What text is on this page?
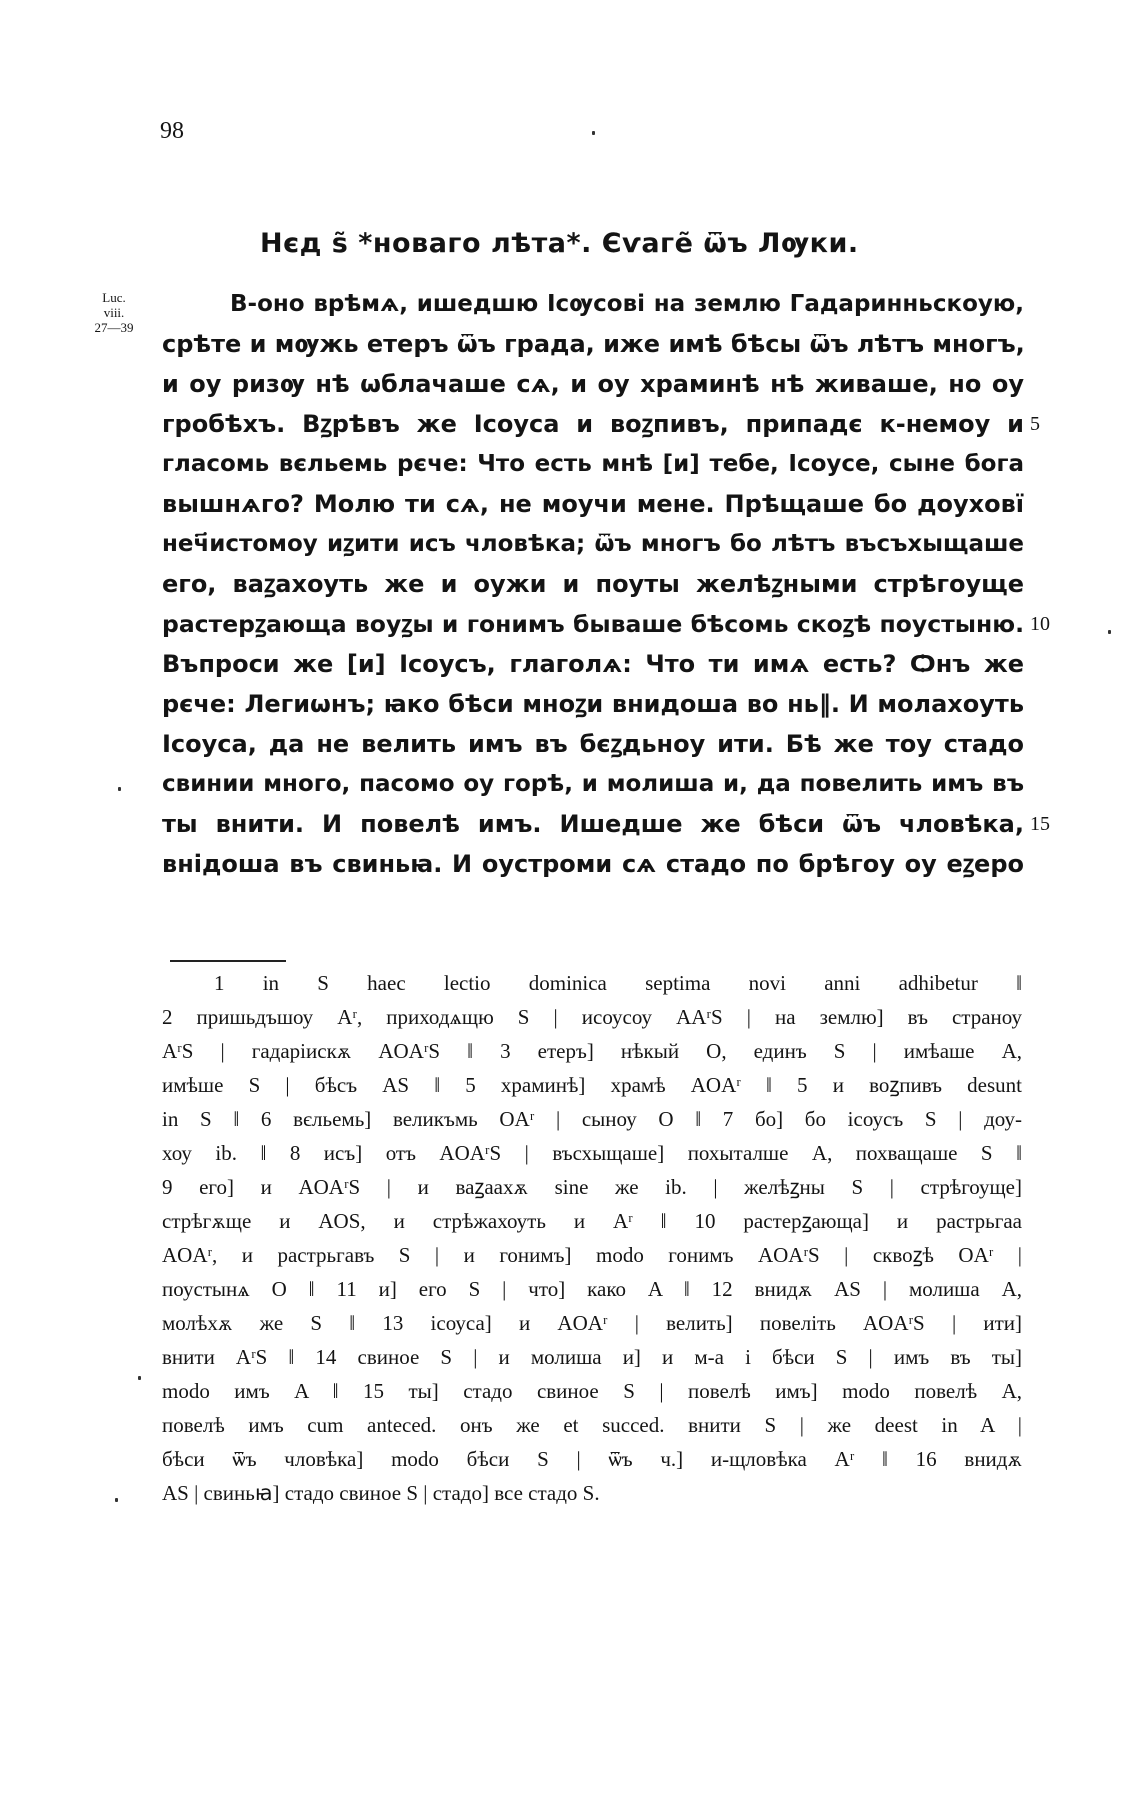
98
Нєд ѕ̃ *новаго лѣта*. Єѵаге̃ ѿъ Лѹки.
Luc.
viii.
27—39
В-оно врѣмѧ, ишедшю Ісѹсові на землю Гадаринньскоую,
срѣте и мѹжь етеръ ѿъ града, иже имѣ бѣсы ѿъ лѣтъ многъ,
и оу ризѹ нѣ ѡблачаше сѧ, и оу храминѣ нѣ живаше, но оу
гробѣхъ. Вꙁрѣвъ же Ісоуса и воꙁпивъ, припадє к-немоу и
гласомь вєльемь рєче: Что есть мнѣ [и] тебе, Ісоусе, сыне бога
вышнѧго? Молю ти сѧ, не моучи мене. Прѣщаше бо доуховї
неч҃истомоу иꙁити исъ чловѣка; ѿъ многъ бо лѣтъ въсъхыщаше
его, ваꙁахоуть же и оужи и поуты желѣꙁными стрѣгоуще
растерꙁающа воуꙁы и гонимъ бываше бѣсомь скоꙁѣ поустыню.
Въпроси же [и] Ісоусъ, глаголѧ: Что ти имѧ есть? Ѻнъ же
рєче: Легиѡнъ; ꙗко бѣси мноꙁи внидоша во нь‖. И молахоуть
Ісоуса, да не велить имъ въ бєꙁдьноу ити. Бѣ же тоу стадо
свинии много, пасомо оу горѣ, и молиша и, да повелить имъ въ
ты внити. И повелѣ имъ. Ишедше же бѣси ѿъ чловѣка,
внідоша въ свиньꙗ. И оустроми сѧ стадо по брѣгоу оу еꙁеро
5
10
15
1 in S haec lectio dominica septima novi anni adhibetur ‖
2 пришьдъшоу Aʳ, приходѧщю S | исоусоу AAʳS | на землю] въ страноу
AʳS | гадаріискѫ AOAʳS ‖ 3 етеръ] нѣкый O, единъ S | имѣаше A,
имѣше S | бѣсъ AS ‖ 5 храминѣ] храмѣ AOAʳ ‖ 5 и воꙁпивъ desunt
in S ‖ 6 вєльемь] великъмь OAʳ | сыноу O ‖ 7 бо] бо ісоусъ S | доу-
хоу ib. ‖ 8 исъ] отъ AOAʳS | въсхыщаше] похыталше A, похващаше S ‖
9 его] и AOAʳS | и ваꙁаахѫ sine же ib. | желѣꙁны S | стрѣгоуще]
стрѣгѫще и AOS, и стрѣжахоуть и Aʳ ‖ 10 растерꙁающа] и растрьгаа
AOAʳ, и растрьгавъ S | и гонимъ] modo гонимъ AOAʳS | сквоꙁѣ OAʳ |
поустынѧ O ‖ 11 и] его S | что] како A ‖ 12 внидѫ AS | молиша A,
молѣхѫ же S ‖ 13 ісоуса] и AOAʳ | велить] повеліть AOAʳS | ити]
внити AʳS ‖ 14 свиное S | и молиша и] и м-а і бѣси S | имъ въ ты]
modo имъ A ‖ 15 ты] стадо свиное S | повелѣ имъ] modo повелѣ A,
повелѣ имъ cum anteced. онъ же et succed. внити S | же deest in A |
бѣси ѿъ чловѣка] modo бѣси S | ѿъ ч.] и-щловѣка Aʳ ‖ 16 внидѫ
AS | свиньꙗ] стадо свиное S | стадо] все стадо S.
